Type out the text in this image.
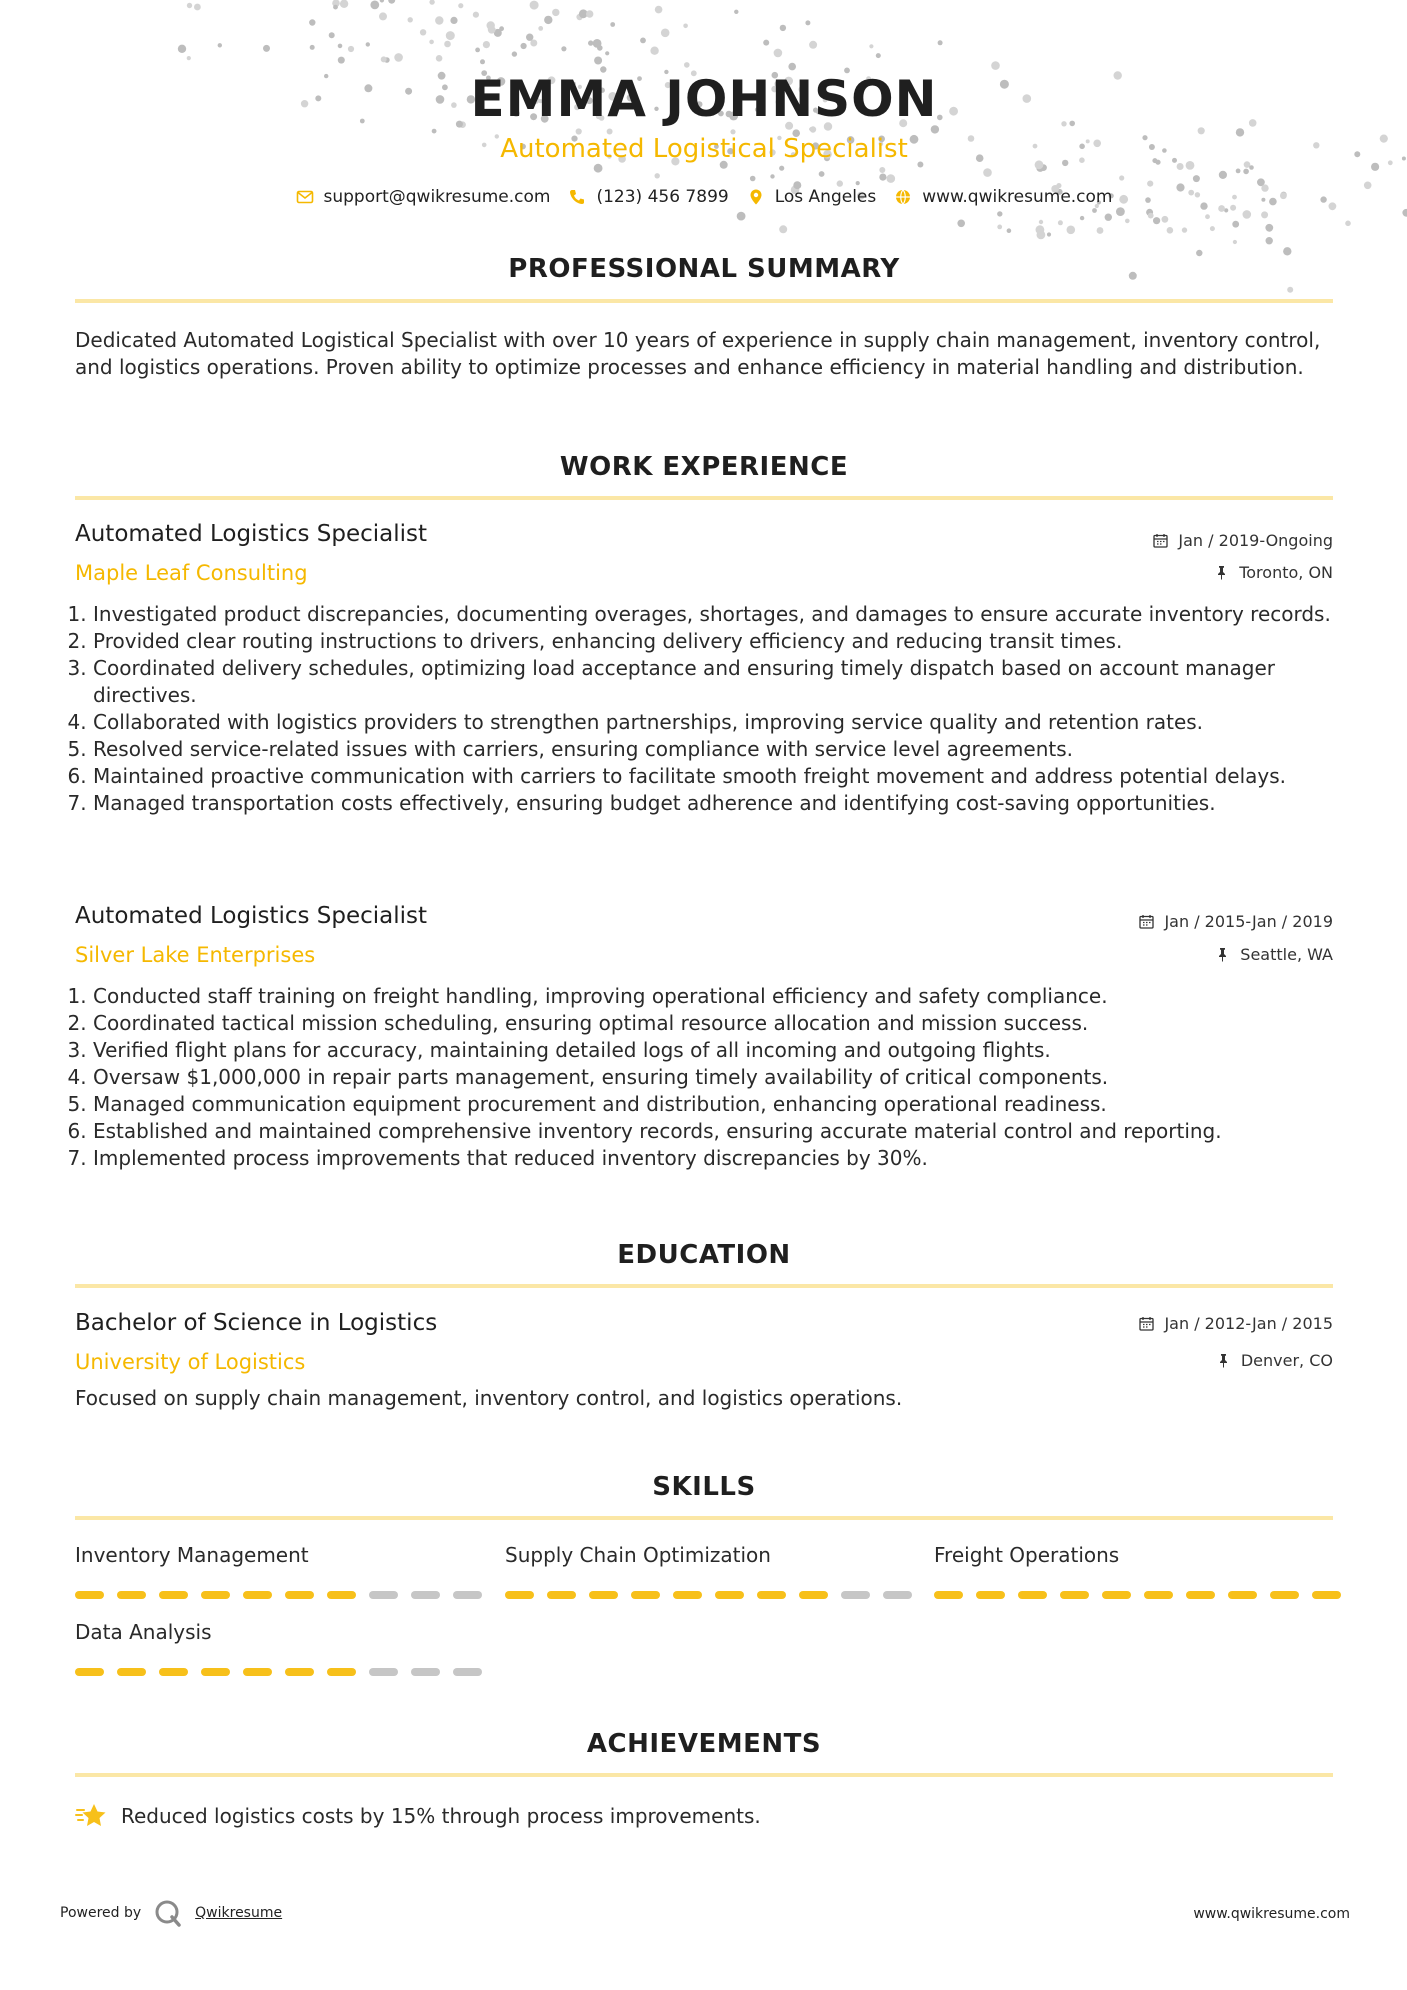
EMMA JOHNSON
Automated Logistical Specialist
support@qwikresume.com	(123) 456 7899	Los Angeles	www.qwikresume.com
PROFESSIONAL SUMMARY
Dedicated Automated Logistical Specialist with over 10 years of experience in supply chain management, inventory control, and logistics operations. Proven ability to optimize processes and enhance efficiency in material handling and distribution.
WORK EXPERIENCE
Automated Logistics Specialist
Maple Leaf Consulting
Jan / 2019-Ongoing
Toronto, ON
1. Investigated product discrepancies, documenting overages, shortages, and damages to ensure accurate inventory records.
2. Provided clear routing instructions to drivers, enhancing delivery efficiency and reducing transit times.
3. Coordinated delivery schedules, optimizing load acceptance and ensuring timely dispatch based on account manager directives.
4. Collaborated with logistics providers to strengthen partnerships, improving service quality and retention rates.
5. Resolved service-related issues with carriers, ensuring compliance with service level agreements.
6. Maintained proactive communication with carriers to facilitate smooth freight movement and address potential delays.
7. Managed transportation costs effectively, ensuring budget adherence and identifying cost-saving opportunities.
Automated Logistics Specialist
Silver Lake Enterprises
Jan / 2015-Jan / 2019
Seattle, WA
1. Conducted staff training on freight handling, improving operational efficiency and safety compliance.
2. Coordinated tactical mission scheduling, ensuring optimal resource allocation and mission success.
3. Verified flight plans for accuracy, maintaining detailed logs of all incoming and outgoing flights.
4. Oversaw $1,000,000 in repair parts management, ensuring timely availability of critical components.
5. Managed communication equipment procurement and distribution, enhancing operational readiness.
6. Established and maintained comprehensive inventory records, ensuring accurate material control and reporting.
7. Implemented process improvements that reduced inventory discrepancies by 30%.
EDUCATION
Bachelor of Science in Logistics
University of Logistics
Jan / 2012-Jan / 2015
Denver, CO
Focused on supply chain management, inventory control, and logistics operations.
SKILLS
Inventory Management	Supply Chain Optimization	Freight Operations
Data Analysis
ACHIEVEMENTS
Reduced logistics costs by 15% through process improvements.
Powered by	Qwikresume	www.qwikresume.com
